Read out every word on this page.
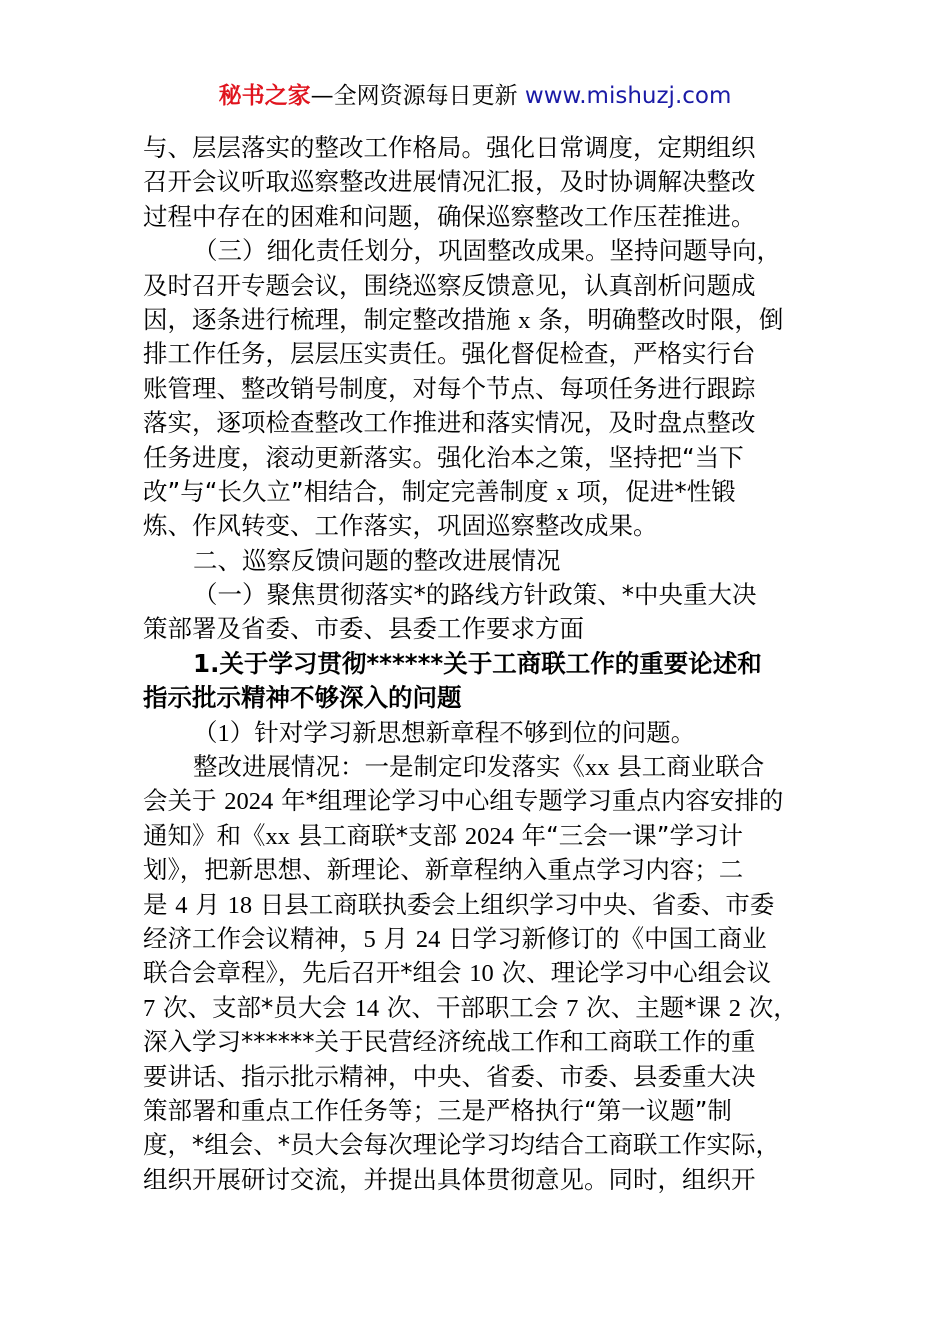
秘书之家—全网资源每日更新 www.mishuzj.com
与、层层落实的整改工作格局。强化日常调度，定期组织
召开会议听取巡察整改进展情况汇报，及时协调解决整改
过程中存在的困难和问题，确保巡察整改工作压茬推进。
（三）细化责任划分，巩固整改成果。坚持问题导向，
及时召开专题会议，围绕巡察反馈意见，认真剖析问题成
因，逐条进行梳理，制定整改措施 x 条，明确整改时限，倒
排工作任务，层层压实责任。强化督促检查，严格实行台
账管理、整改销号制度，对每个节点、每项任务进行跟踪
落实，逐项检查整改工作推进和落实情况，及时盘点整改
任务进度，滚动更新落实。强化治本之策，坚持把“当下
改”与“长久立”相结合，制定完善制度 x 项，促进*性锻
炼、作风转变、工作落实，巩固巡察整改成果。
二、巡察反馈问题的整改进展情况
（一）聚焦贯彻落实*的路线方针政策、*中央重大决
策部署及省委、市委、县委工作要求方面
1.关于学习贯彻******关于工商联工作的重要论述和
指示批示精神不够深入的问题
（1）针对学习新思想新章程不够到位的问题。
整改进展情况：一是制定印发落实《xx 县工商业联合
会关于 2024 年*组理论学习中心组专题学习重点内容安排的
通知》和《xx 县工商联*支部 2024 年“三会一课”学习计
划》，把新思想、新理论、新章程纳入重点学习内容；二
是 4 月 18 日县工商联执委会上组织学习中央、省委、市委
经济工作会议精神，5 月 24 日学习新修订的《中国工商业
联合会章程》，先后召开*组会 10 次、理论学习中心组会议
7 次、支部*员大会 14 次、干部职工会 7 次、主题*课 2 次，
深入学习******关于民营经济统战工作和工商联工作的重
要讲话、指示批示精神，中央、省委、市委、县委重大决
策部署和重点工作任务等；三是严格执行“第一议题”制
度，*组会、*员大会每次理论学习均结合工商联工作实际，
组织开展研讨交流，并提出具体贯彻意见。同时，组织开
